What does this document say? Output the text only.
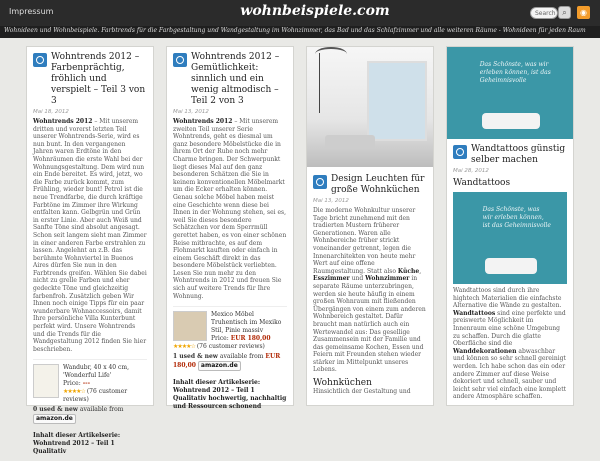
Impressum	wohnbeispiele.com	Search ⌕	◉
Wohnideen und Wohnbeispiele. Farbtrends für die Farbgestaltung und Wandgestaltung im Wohnzimmer, das Bad und das Schlafzimmer und alle weiteren Räume - Wohnideen für jeden Raum
Wohntrends 2012 – Farbenprächtig, fröhlich und verspielt – Teil 3 von 3
Mai 18, 2012
Wohntrends 2012 – Mit unserem dritten und vorerst letzten Teil unserer Wohntrends-Serie, wird es nun bunt. In den vergangenen Jahren waren Erdtöne in den Wohnräumen die erste Wahl bei der Wohnungsgestaltung. Dem wird nun ein Ende bereitet. Es wird, jetzt, wo die Farbe zurück kommt, zum Frühling, wieder bunt! Petrol ist die neue Trendfarbe, die durch kräftige Farbtöne im Zimmer ihre Wirkung entfalten kann. Gelbgrün und Grün in erster Linie. Aber auch Weiß und Sanfte Töne sind absolut angesagt. Schon seit langem sieht man Zimmer in einer anderen Farbe erstrahlen zu lassen. Angelehnt an z.B. das berühmte Wohnviertel in Buenos Aires dürfen Sie nun in den Farbtrends greifen. Wählen Sie dabei nicht zu grelle Farben und eher gedeckte Töne und gleichzeitig farbenfroh. Zusätzlich geben Wir Ihnen noch einige Tipps für ein paar wunderbare Wohnaccessoirs, damit Ihre persönliche Villa Kunterbunt perfekt wird. Unsere Wohntrends und die Trends für die Wandgestaltung 2012 finden Sie hier beschrieben.
Wandubr, 40 x 40 cm, 'Wonderful Life'
Price: ---
★★★★☆ (76 customer reviews)
0 used & new available from amazon.de
Inhalt dieser Artikelserie:
Wohntrend 2012 – Teil 1 Qualitativ
Wohntrends 2012 – Gemütlichkeit: sinnlich und ein wenig altmodisch – Teil 2 von 3
Mai 13, 2012
Wohntrends 2012 – Mit unserem zweiten Teil unserer Serie Wohntrends, geht es diesmal um ganz besondere Möbelstücke die in ihrem Ort der Ruhe noch mehr Charme bringen. Der Schwerpunkt liegt dieses Mal auf den ganz besonderen Schätzen die Sie in keinem konventionellen Möbelmarkt um die Ecker erhalten können. Genau solche Möbel haben meist eine Geschichte wenn diese bei Ihnen in der Wohnung stehen, sei es, weil Sie dieses besondere Schätzchen vor dem Sperrmüll gerettet haben, es von einer schönen Reise mitbrachte, es auf dem Flohmarkt kauften oder einfach in einem Geschäft direkt in das besondere Möbelstück verliebten. Lesen Sie nun mehr zu den Wohntrends in 2012 und freuen Sie sich auf weitere Trends für Ihre Wohnung.
Mexico Möbel Truhentisch im Mexiko Stil, Pinie massiv
Price: EUR 180,00
★★★★☆ (76 customer reviews)
1 used & new available from EUR 180,00 amazon.de
Inhalt dieser Artikelserie:
Wohntrend 2012 – Teil 1 Qualitativ hochwertig, nachhaltig und Ressourcen schonend
Design Leuchten für große Wohnküchen
Mai 13, 2012
Die moderne Wohnkultur unserer Tage bricht zunehmend mit den tradierten Mustern früherer Generationen. Waren alle Wohnbereiche früher strickt voneinander getrennt, legen die Innenarchitekten von heute mehr Wert auf eine offene Raumgestaltung. Statt also Küche, Esszimmer und Wohnzimmer in separate Räume unterzubringen, werden sie heute häufig in einem großen Wohnraum mit fließenden Übergängen von einem zum anderen Wohnbereich gestaltet. Dafür braucht man natürlich auch ein Wertewandel aus: Das gesellige Zusammensein mit der Familie und das gemeinsame Kochen, Essen und Feiern mit Freunden stehen wieder stärker im Mittelpunkt unseres Lebens.
Wohnküchen
Hinsichtlich der Gestaltung und
Das Schönste, was wir erleben können, ist das Geheimnisvolle
Wandtattoos günstig selber machen
Mai 28, 2012
Wandtattoos
Das Schönste, was wir erleben können, ist das Geheimnisvolle
Wandtattoos sind durch ihre hightech Materialien die einfachste Alternative die Wände zu gestalten. Wandtattoos sind eine perfekte und preiswerte Möglichkeit im Innenraum eine schöne Umgebung zu schaffen. Durch die glatte Oberfläche sind die Wanddekorationen abwaschbar und können so sehr schnell gereinigt werden. Ich habe schon das ein oder andere Zimmer auf diese Weise dekoriert und schnell, sauber und leicht sehr viel einfach eine komplett andere Atmosphäre schaffen.
